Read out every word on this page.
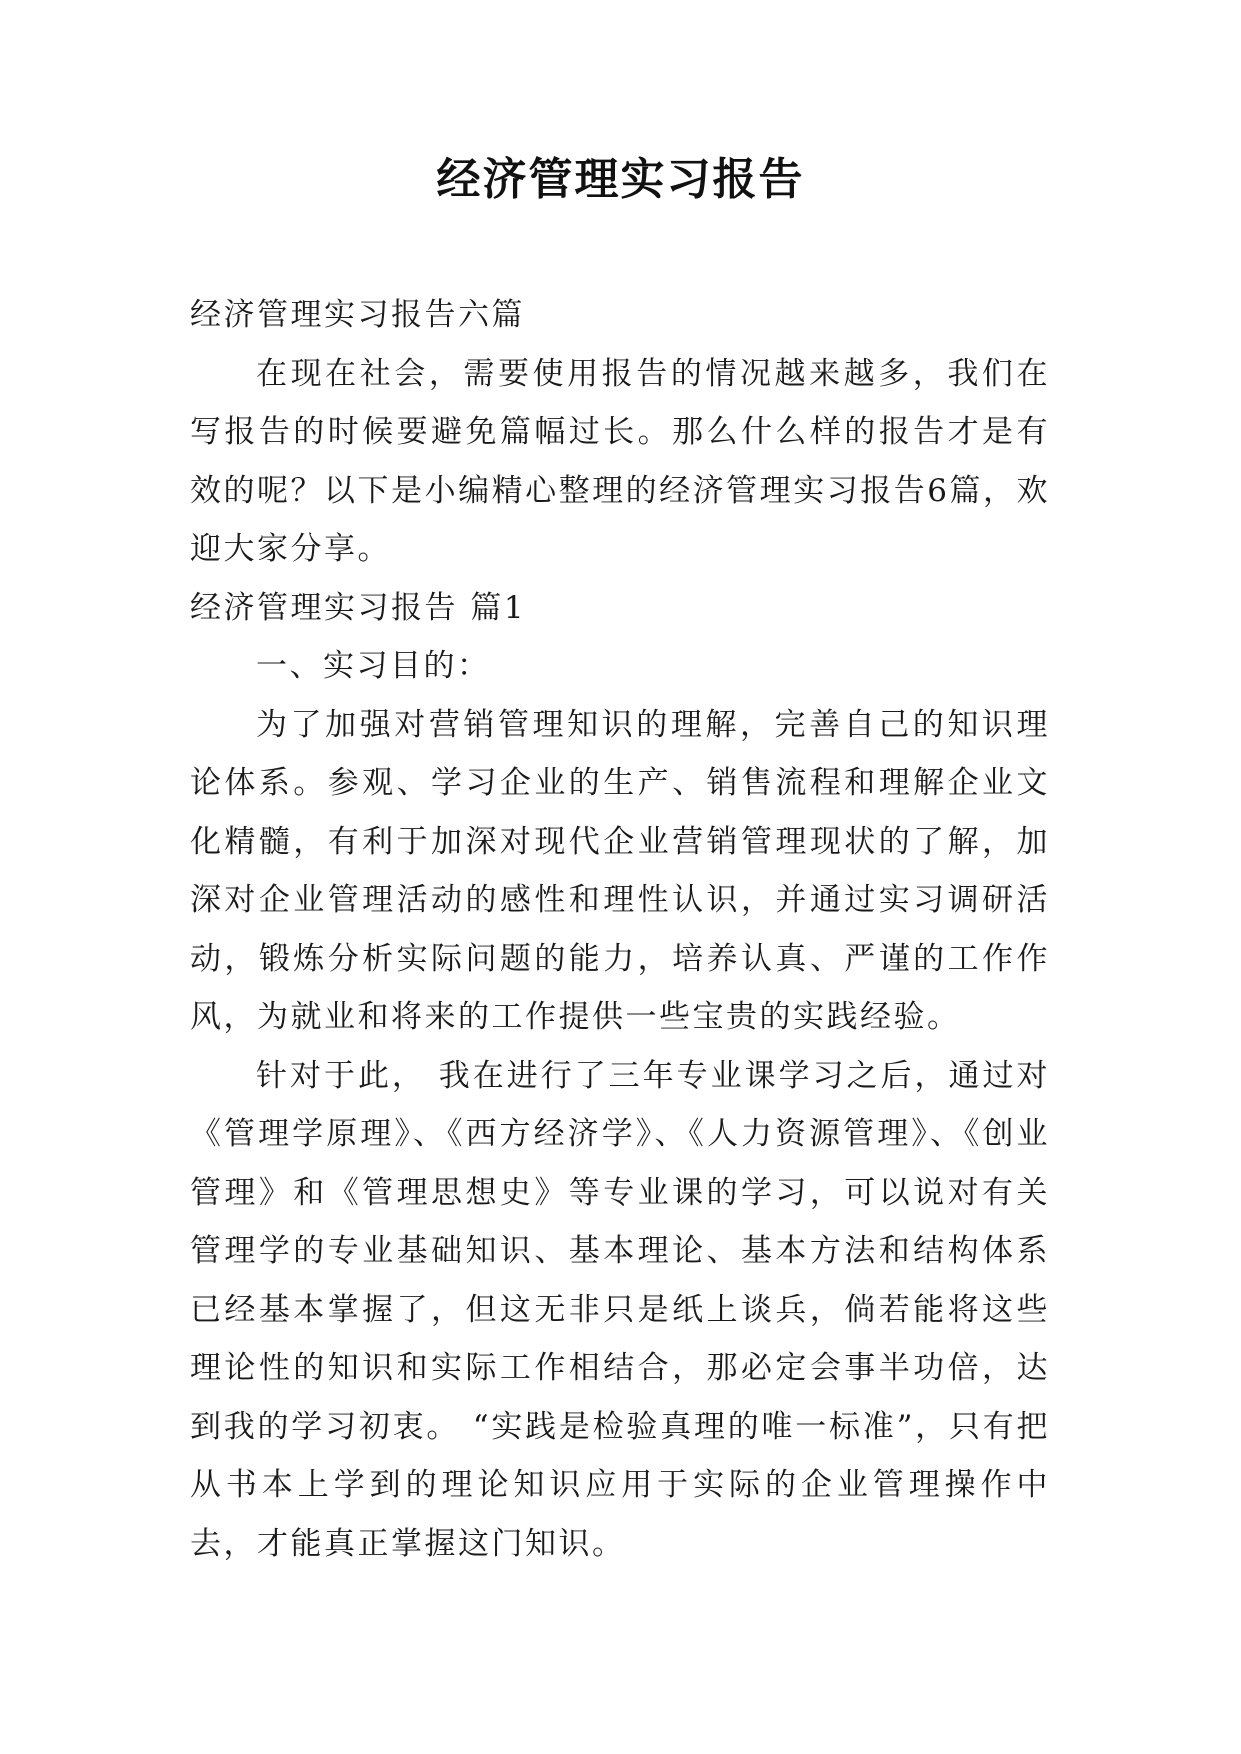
经济管理实习报告

经济管理实习报告六篇

在现在社会，需要使用报告的情况越来越多，我们在写报告的时候要避免篇幅过长。那么什么样的报告才是有效的呢？以下是小编精心整理的经济管理实习报告6篇，欢迎大家分享。

经济管理实习报告 篇1

一、实习目的：

为了加强对营销管理知识的理解，完善自己的知识理论体系。参观、学习企业的生产、销售流程和理解企业文化精髓，有利于加深对现代企业营销管理现状的了解，加深对企业管理活动的感性和理性认识，并通过实习调研活动，锻炼分析实际问题的能力，培养认真、严谨的工作作风，为就业和将来的工作提供一些宝贵的实践经验。

针对于此， 我在进行了三年专业课学习之后，通过对《管理学原理》、《西方经济学》、《人力资源管理》、《创业管理》和《管理思想史》等专业课的学习，可以说对有关管理学的专业基础知识、基本理论、基本方法和结构体系已经基本掌握了，但这无非只是纸上谈兵，倘若能将这些理论性的知识和实际工作相结合，那必定会事半功倍，达到我的学习初衷。 “实践是检验真理的唯一标准”，只有把从书本上学到的理论知识应用于实际的企业管理操作中去，才能真正掌握这门知识。
